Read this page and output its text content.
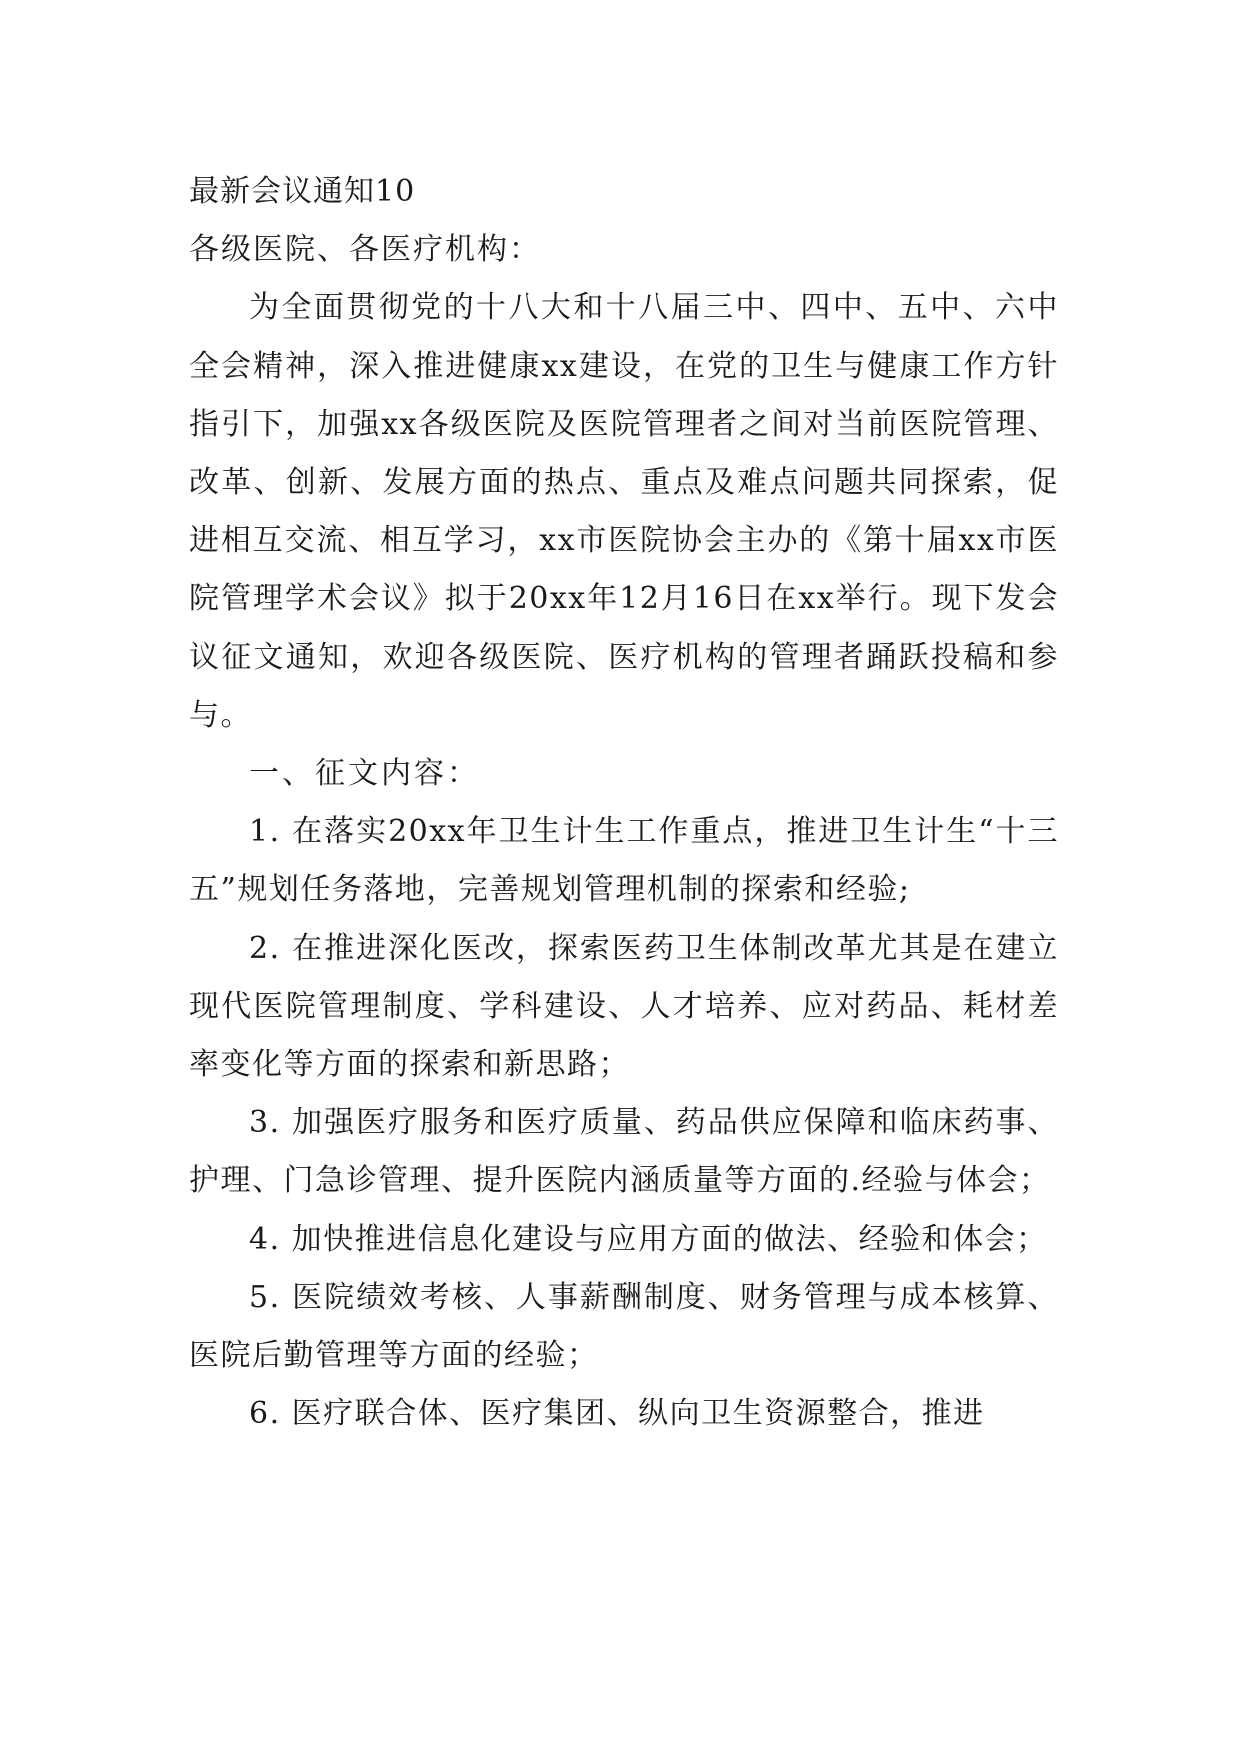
最新会议通知10

各级医院、各医疗机构：

为全面贯彻党的十八大和十八届三中、四中、五中、六中全会精神，深入推进健康xx建设，在党的卫生与健康工作方针指引下，加强xx各级医院及医院管理者之间对当前医院管理、改革、创新、发展方面的热点、重点及难点问题共同探索，促进相互交流、相互学习，xx市医院协会主办的《第十届xx市医院管理学术会议》拟于20xx年12月16日在xx举行。现下发会议征文通知，欢迎各级医院、医疗机构的管理者踊跃投稿和参与。

一、征文内容：

1. 在落实20xx年卫生计生工作重点，推进卫生计生“十三五”规划任务落地，完善规划管理机制的探索和经验;

2. 在推进深化医改，探索医药卫生体制改革尤其是在建立现代医院管理制度、学科建设、人才培养、应对药品、耗材差率变化等方面的探索和新思路；

3. 加强医疗服务和医疗质量、药品供应保障和临床药事、护理、门急诊管理、提升医院内涵质量等方面的.经验与体会；

4. 加快推进信息化建设与应用方面的做法、经验和体会；

5. 医院绩效考核、人事薪酬制度、财务管理与成本核算、医院后勤管理等方面的经验；

6. 医疗联合体、医疗集团、纵向卫生资源整合，推进
